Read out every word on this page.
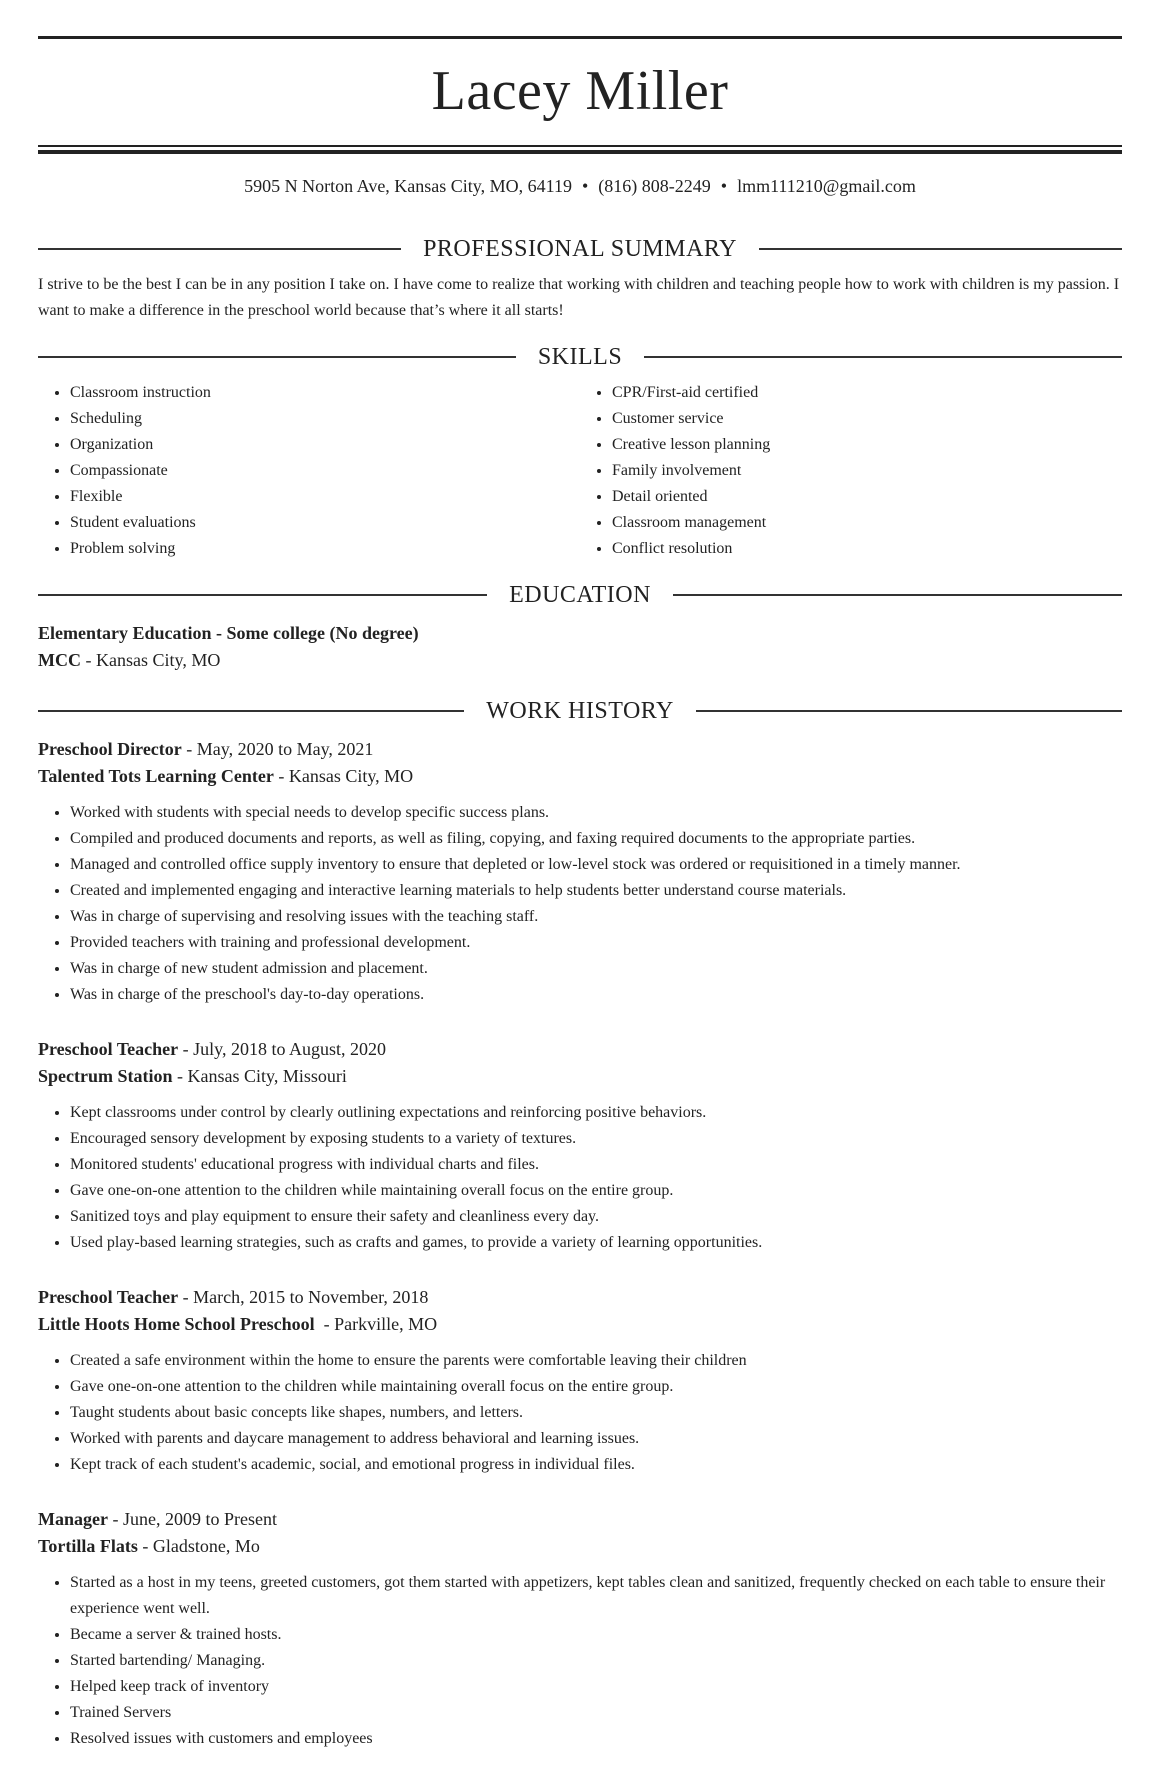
Lacey Miller
5905 N Norton Ave, Kansas City, MO, 64119 • (816) 808-2249 • lmm111210@gmail.com
PROFESSIONAL SUMMARY
I strive to be the best I can be in any position I take on. I have come to realize that working with children and teaching people how to work with children is my passion. I want to make a difference in the preschool world because that’s where it all starts!
SKILLS
• Classroom instruction
• Scheduling
• Organization
• Compassionate
• Flexible
• Student evaluations
• Problem solving
• CPR/First-aid certified
• Customer service
• Creative lesson planning
• Family involvement
• Detail oriented
• Classroom management
• Conflict resolution
EDUCATION
Elementary Education - Some college (No degree)
MCC - Kansas City, MO
WORK HISTORY
Preschool Director - May, 2020 to May, 2021
Talented Tots Learning Center - Kansas City, MO
• Worked with students with special needs to develop specific success plans.
• Compiled and produced documents and reports, as well as filing, copying, and faxing required documents to the appropriate parties.
• Managed and controlled office supply inventory to ensure that depleted or low-level stock was ordered or requisitioned in a timely manner.
• Created and implemented engaging and interactive learning materials to help students better understand course materials.
• Was in charge of supervising and resolving issues with the teaching staff.
• Provided teachers with training and professional development.
• Was in charge of new student admission and placement.
• Was in charge of the preschool's day-to-day operations.
Preschool Teacher - July, 2018 to August, 2020
Spectrum Station - Kansas City, Missouri
• Kept classrooms under control by clearly outlining expectations and reinforcing positive behaviors.
• Encouraged sensory development by exposing students to a variety of textures.
• Monitored students' educational progress with individual charts and files.
• Gave one-on-one attention to the children while maintaining overall focus on the entire group.
• Sanitized toys and play equipment to ensure their safety and cleanliness every day.
• Used play-based learning strategies, such as crafts and games, to provide a variety of learning opportunities.
Preschool Teacher - March, 2015 to November, 2018
Little Hoots Home School Preschool  - Parkville, MO
• Created a safe environment within the home to ensure the parents were comfortable leaving their children
• Gave one-on-one attention to the children while maintaining overall focus on the entire group.
• Taught students about basic concepts like shapes, numbers, and letters.
• Worked with parents and daycare management to address behavioral and learning issues.
• Kept track of each student's academic, social, and emotional progress in individual files.
Manager - June, 2009 to Present
Tortilla Flats - Gladstone, Mo
• Started as a host in my teens, greeted customers, got them started with appetizers, kept tables clean and sanitized, frequently checked on each table to ensure their experience went well.
• Became a server & trained hosts.
• Started bartending/ Managing.
• Helped keep track of inventory
• Trained Servers
• Resolved issues with customers and employees
